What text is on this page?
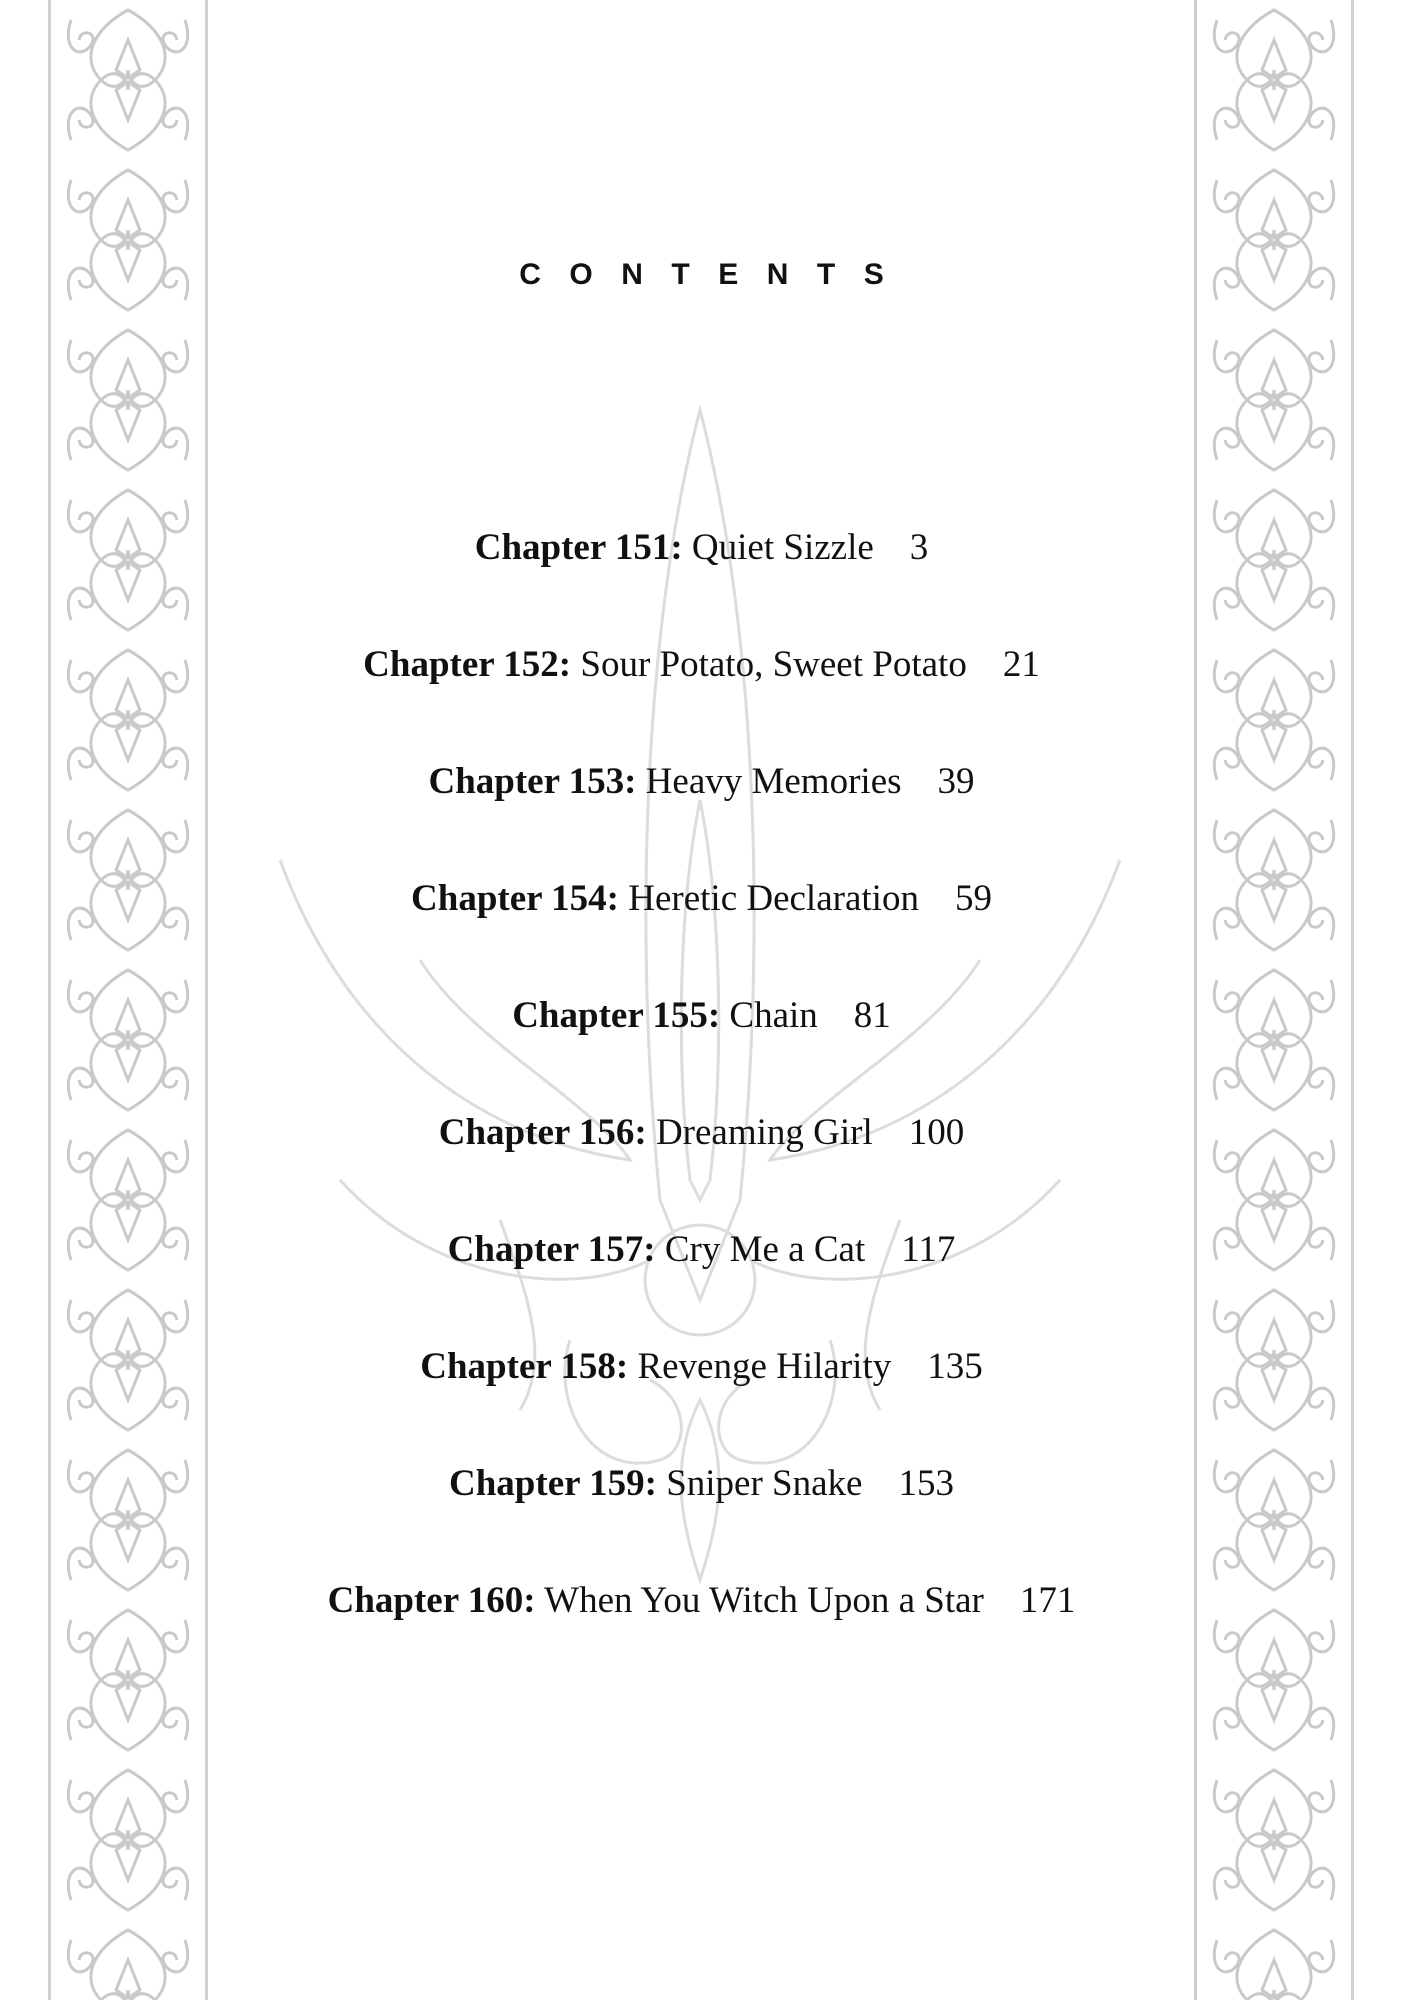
CONTENTS
Chapter 151: Quiet Sizzle 3
Chapter 152: Sour Potato, Sweet Potato 21
Chapter 153: Heavy Memories 39
Chapter 154: Heretic Declaration 59
Chapter 155: Chain 81
Chapter 156: Dreaming Girl 100
Chapter 157: Cry Me a Cat 117
Chapter 158: Revenge Hilarity 135
Chapter 159: Sniper Snake 153
Chapter 160: When You Witch Upon a Star 171
